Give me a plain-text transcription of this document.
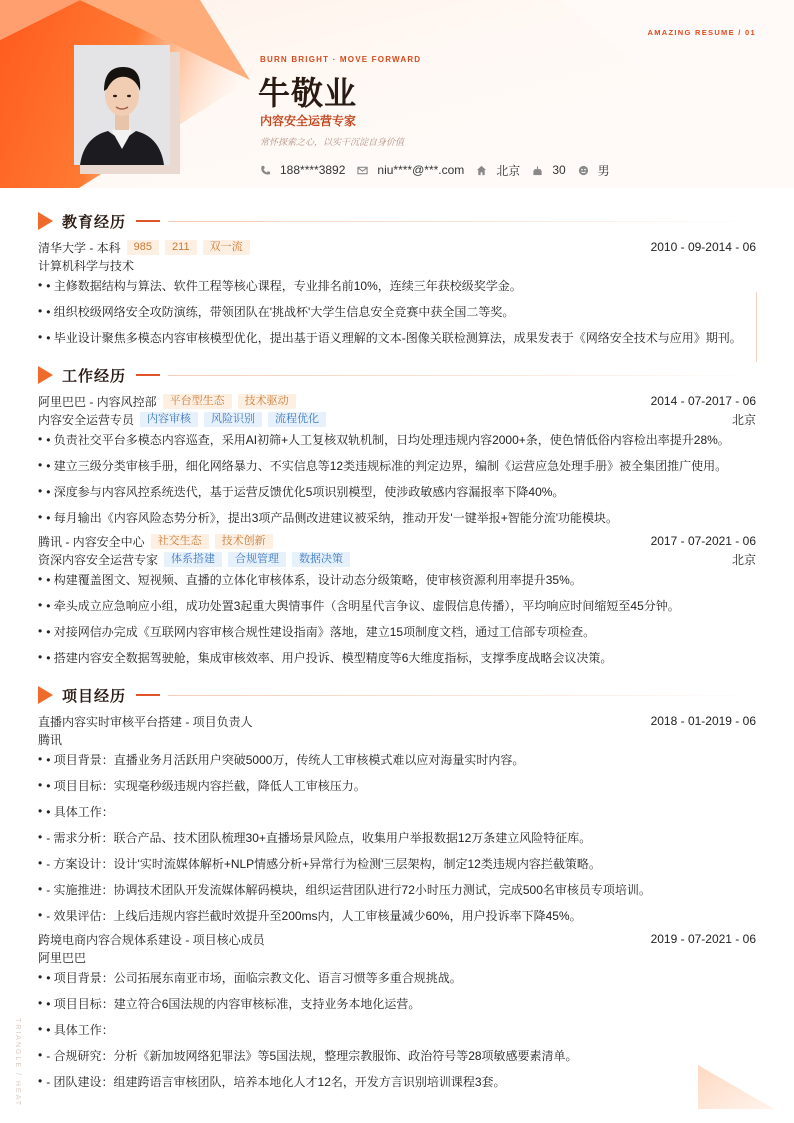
AMAZING RESUME / 01
BURN BRIGHT · MOVE FORWARD
牛敬业
内容安全运营专家
常怀探索之心，以实干沉淀自身价值
188****3892	niu****@***.com	北京	30	男
教育经历
清华大学 - 本科	985	211	双一流	2010 - 09-2014 - 06
计算机科学与技术
• • 主修数据结构与算法、软件工程等核心课程，专业排名前10%，连续三年获校级奖学金。
• • 组织校级网络安全攻防演练，带领团队在'挑战杯'大学生信息安全竞赛中获全国二等奖。
• • 毕业设计聚焦多模态内容审核模型优化，提出基于语义理解的文本-图像关联检测算法，成果发表于《网络安全技术与应用》期刊。
工作经历
阿里巴巴 - 内容风控部	平台型生态	技术驱动	2014 - 07-2017 - 06
内容安全运营专员	内容审核	风险识别	流程优化	北京
• • 负责社交平台多模态内容巡查，采用AI初筛+人工复核双轨机制，日均处理违规内容2000+条，使色情低俗内容检出率提升28%。
• • 建立三级分类审核手册，细化网络暴力、不实信息等12类违规标准的判定边界，编制《运营应急处理手册》被全集团推广使用。
• • 深度参与内容风控系统迭代，基于运营反馈优化5项识别模型，使涉政敏感内容漏报率下降40%。
• • 每月输出《内容风险态势分析》，提出3项产品侧改进建议被采纳，推动开发'一键举报+智能分流'功能模块。
腾讯 - 内容安全中心	社交生态	技术创新	2017 - 07-2021 - 06
资深内容安全运营专家	体系搭建	合规管理	数据决策	北京
• • 构建覆盖图文、短视频、直播的立体化审核体系，设计动态分级策略，使审核资源利用率提升35%。
• • 牵头成立应急响应小组，成功处置3起重大舆情事件（含明星代言争议、虚假信息传播），平均响应时间缩短至45分钟。
• • 对接网信办完成《互联网内容审核合规性建设指南》落地，建立15项制度文档，通过工信部专项检查。
• • 搭建内容安全数据驾驶舱，集成审核效率、用户投诉、模型精度等6大维度指标，支撑季度战略会议决策。
项目经历
直播内容实时审核平台搭建 - 项目负责人	2018 - 01-2019 - 06
腾讯
• • 项目背景：直播业务月活跃用户突破5000万，传统人工审核模式难以应对海量实时内容。
• • 项目目标：实现毫秒级违规内容拦截，降低人工审核压力。
• • 具体工作：
• - 需求分析：联合产品、技术团队梳理30+直播场景风险点，收集用户举报数据12万条建立风险特征库。
• - 方案设计：设计'实时流媒体解析+NLP情感分析+异常行为检测'三层架构，制定12类违规内容拦截策略。
• - 实施推进：协调技术团队开发流媒体解码模块，组织运营团队进行72小时压力测试，完成500名审核员专项培训。
• - 效果评估：上线后违规内容拦截时效提升至200ms内，人工审核量减少60%，用户投诉率下降45%。
跨境电商内容合规体系建设 - 项目核心成员	2019 - 07-2021 - 06
阿里巴巴
• • 项目背景：公司拓展东南亚市场，面临宗教文化、语言习惯等多重合规挑战。
• • 项目目标：建立符合6国法规的内容审核标准，支持业务本地化运营。
• • 具体工作：
• - 合规研究：分析《新加坡网络犯罪法》等5国法规，整理宗教服饰、政治符号等28项敏感要素清单。
• - 团队建设：组建跨语言审核团队，培养本地化人才12名，开发方言识别培训课程3套。
TRIANGLE / HEAT
